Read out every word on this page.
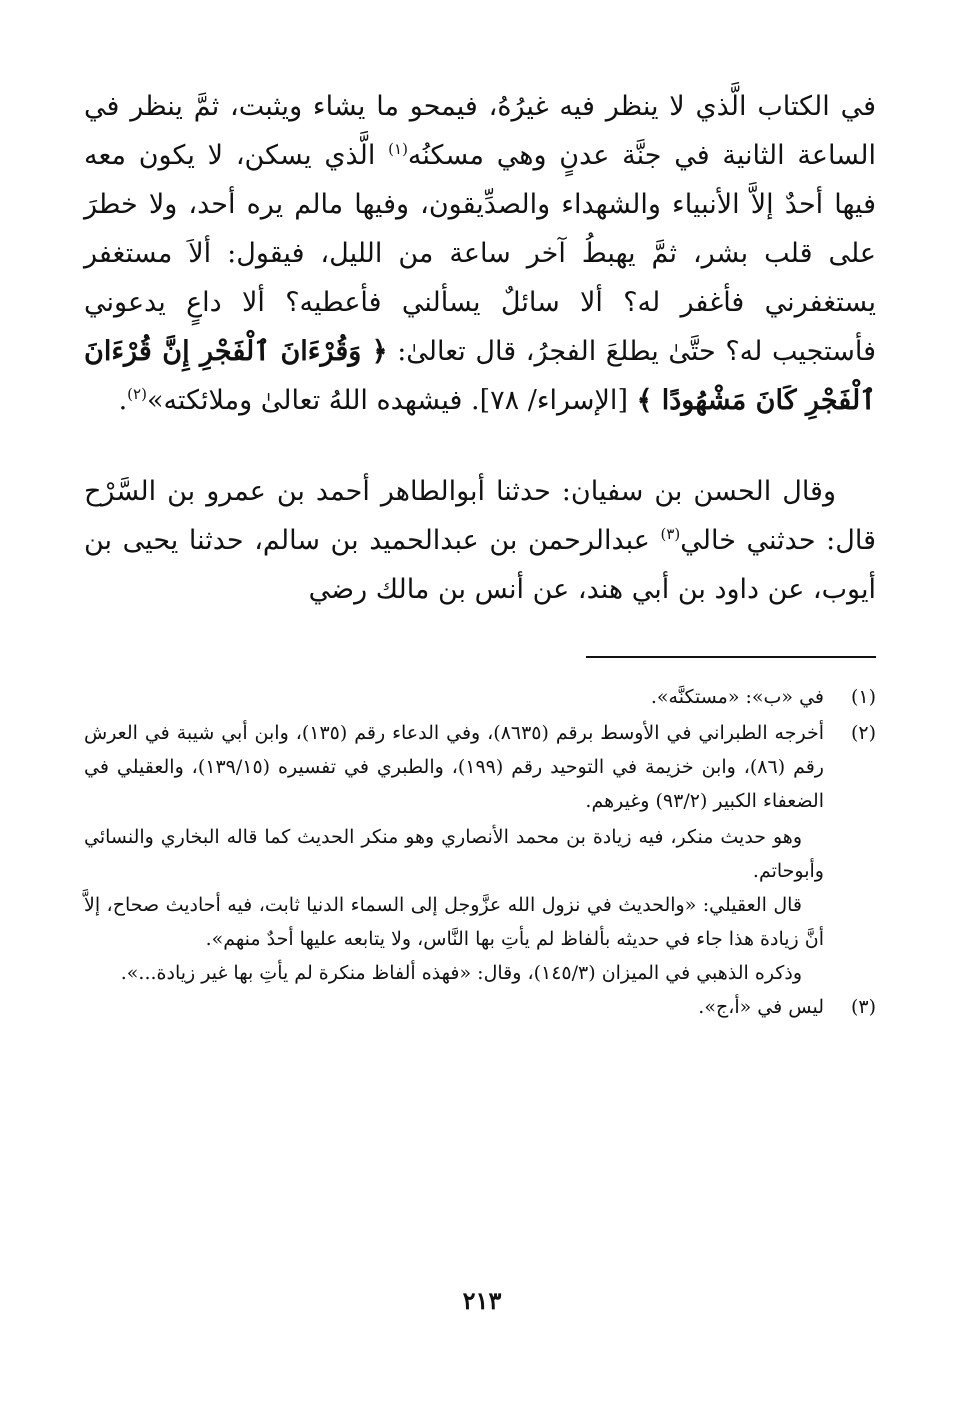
في الكتاب الَّذي لا ينظر فيه غيرُهُ، فيمحو ما يشاء ويثبت، ثمَّ ينظر في الساعة الثانية في جنَّة عدنٍ وهي مسكنُه$^{(١)}$ الَّذي يسكن، لا يكون معه فيها أحدٌ إلاَّ الأنبياء والشهداء والصدِّيقون، وفيها مالم يره أحد، ولا خطرَ على قلب بشر، ثمَّ يهبطُ آخر ساعة من الليل، فيقول: ألاَ مستغفر يستغفرني فأغفر له؟ ألا سائلٌ يسألني فأعطيه؟ ألا داعٍ يدعوني فأستجيب له؟ حتَّىٰ يطلعَ الفجرُ، قال تعالىٰ: ﴿ وَقُرْءَانَ ٱلْفَجْرِ إِنَّ قُرْءَانَ ٱلْفَجْرِ كَانَ مَشْهُودًا ﴾ [الإسراء/ ٧٨]. فيشهده اللهُ تعالىٰ وملائكته»$^{(٢)}$.
وقال الحسن بن سفيان: حدثنا أبوالطاهر أحمد بن عمرو بن السَّرْح قال: حدثني خالي$^{(٣)}$ عبدالرحمن بن عبدالحميد بن سالم، حدثنا يحيى بن أيوب، عن داود بن أبي هند، عن أنس بن مالك رضي
(١)
في «ب»: «مستكنَّه».
(٢)
أخرجه الطبراني في الأوسط برقم (٨٦٣٥)، وفي الدعاء رقم (١٣٥)، وابن أبي شيبة في العرش رقم (٨٦)، وابن خزيمة في التوحيد رقم (١٩٩)، والطبري في تفسيره (١٣٩/١٥)، والعقيلي في الضعفاء الكبير (٩٣/٢) وغيرهم.
وهو حديث منكر، فيه زيادة بن محمد الأنصاري وهو منكر الحديث كما قاله البخاري والنسائي وأبوحاتم.
قال العقيلي: «والحديث في نزول الله عزَّوجل إلى السماء الدنيا ثابت، فيه أحاديث صحاح، إلاَّ أنَّ زيادة هذا جاء في حديثه بألفاظ لم يأتِ بها النَّاس، ولا يتابعه عليها أحدٌ منهم».
وذكره الذهبي في الميزان (١٤٥/٣)، وقال: «فهذه ألفاظ منكرة لم يأتِ بها غير زيادة...».
(٣)
ليس في «أ،ج».
٢١٣
